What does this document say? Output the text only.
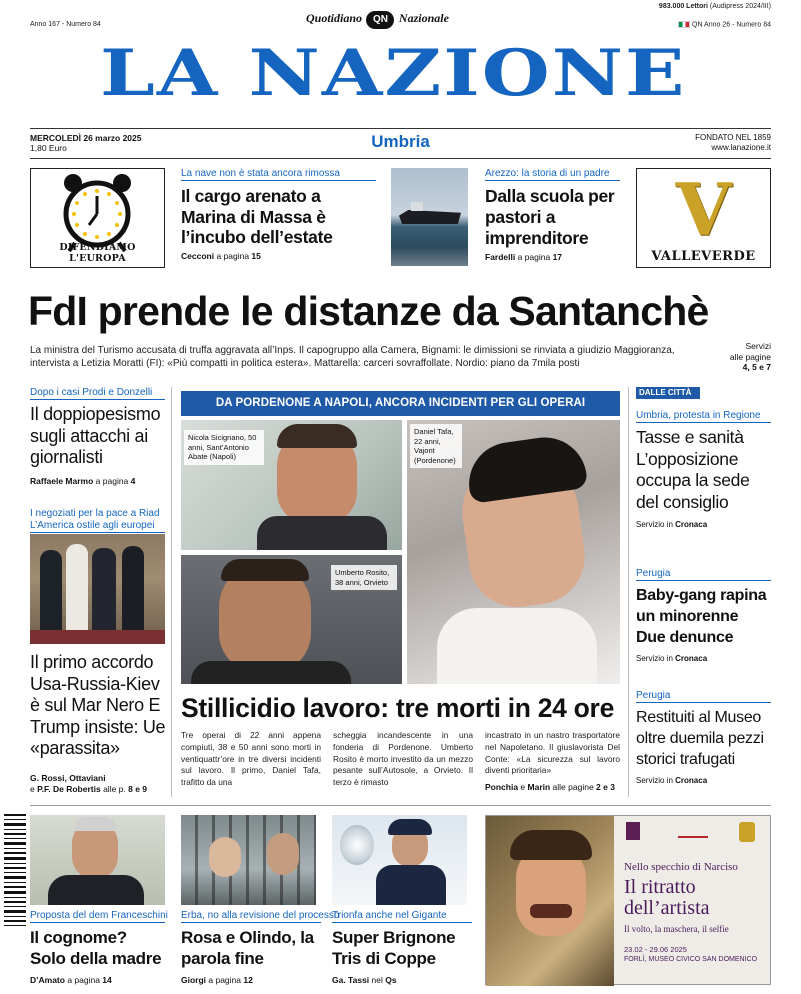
Anno 167 - Numero 84	Quotidiano QN Nazionale
983.000 Lettori (Audipress 2024/III)
QN Anno 26 - Numero 84
LA NAZIONE
MERCOLEDÌ 26 marzo 2025
1,80 Euro	Umbria	FONDATO NEL 1859
www.lanazione.it
DIFENDIAMO L'EUROPA
La nave non è stata ancora rimossa
Il cargo arenato a Marina di Massa è l’incubo dell’estate
Cecconi a pagina 15
Arezzo: la storia di un padre
Dalla scuola per pastori a imprenditore
Fardelli a pagina 17
V
VALLEVERDE
FdI prende le distanze da Santanchè
La ministra del Turismo accusata di truffa aggravata all’Inps. Il capogruppo alla Camera, Bignami: le dimissioni se rinviata a giudizio Maggioranza, intervista a Letizia Moratti (FI): «Più compatti in politica estera». Mattarella: carceri sovraffollate. Nordio: piano da 7mila posti
Servizi
alle pagine
4, 5 e 7
Dopo i casi Prodi e Donzelli
Il doppiopesismo sugli attacchi ai giornalisti
Raffaele Marmo a pagina 4
I negoziati per la pace a Riad
L’America ostile agli europei
Il primo accordo Usa-Russia-Kiev è sul Mar Nero E Trump insiste: Ue «parassita»
G. Rossi, Ottaviani
e P.F. De Robertis alle p. 8 e 9
DA PORDENONE A NAPOLI, ANCORA INCIDENTI PER GLI OPERAI
Nicola Sicignano, 50 anni, Sant’Antonio Abate (Napoli)
Daniel Tafa, 22 anni, Vajont (Pordenone)
Umberto Rosito, 38 anni, Orvieto
Stillicidio lavoro: tre morti in 24 ore
Tre operai di 22 anni appena compiuti, 38 e 50 anni sono morti in ventiquattr’ore in tre diversi incidenti sul lavoro. Il primo, Daniel Tafa, trafitto da una
scheggia incandescente in una fonderia di Pordenone. Umberto Rosito è morto investito da un mezzo pesante sull’Autosole, a Orvieto. Il terzo è rimasto
incastrato in un nastro trasportatore nel Napoletano. Il giuslavorista Del Conte: «La sicurezza sul lavoro diventi prioritaria»
Ponchia e Marin alle pagine 2 e 3
DALLE CITTÀ
Umbria, protesta in Regione
Tasse e sanità L’opposizione occupa la sede del consiglio
Servizio in Cronaca
Perugia
Baby-gang rapina un minorenne Due denunce
Servizio in Cronaca
Perugia
Restituiti al Museo oltre duemila pezzi storici trafugati
Servizio in Cronaca
Proposta del dem Franceschini
Il cognome? Solo della madre
D’Amato a pagina 14
Erba, no alla revisione del processo
Rosa e Olindo, la parola fine
Giorgi a pagina 12
Trionfa anche nel Gigante
Super Brignone Tris di Coppe
Ga. Tassi nel Qs
Nello specchio di Narciso
Il ritratto dell’artista
Il volto, la maschera, il selfie
23.02 - 29.06 2025
FORLÌ, MUSEO CIVICO SAN DOMENICO
